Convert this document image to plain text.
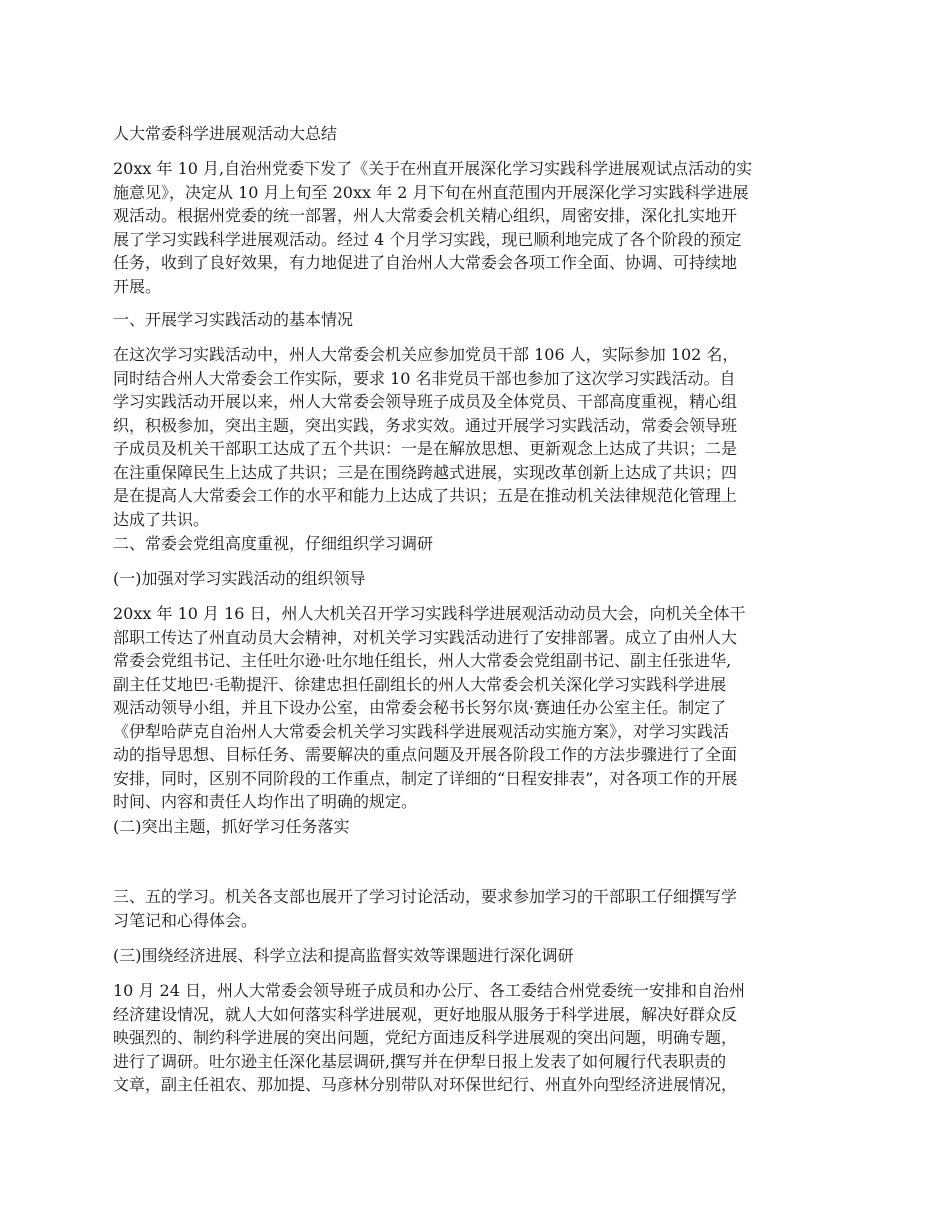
人大常委科学进展观活动大总结

20xx 年 10 月,自治州党委下发了《关于在州直开展深化学习实践科学进展观试点活动的实
施意见》，决定从 10 月上旬至 20xx 年 2 月下旬在州直范围内开展深化学习实践科学进展
观活动。根据州党委的统一部署，州人大常委会机关精心组织，周密安排，深化扎实地开
展了学习实践科学进展观活动。经过 4 个月学习实践，现已顺利地完成了各个阶段的预定
任务，收到了良好效果，有力地促进了自治州人大常委会各项工作全面、协调、可持续地
开展。

一、开展学习实践活动的基本情况

在这次学习实践活动中，州人大常委会机关应参加党员干部 106 人，实际参加 102 名，
同时结合州人大常委会工作实际，要求 10 名非党员干部也参加了这次学习实践活动。自
学习实践活动开展以来，州人大常委会领导班子成员及全体党员、干部高度重视，精心组
织，积极参加，突出主题，突出实践，务求实效。通过开展学习实践活动，常委会领导班
子成员及机关干部职工达成了五个共识：一是在解放思想、更新观念上达成了共识；二是
在注重保障民生上达成了共识；三是在围绕跨越式进展，实现改革创新上达成了共识；四
是在提高人大常委会工作的水平和能力上达成了共识；五是在推动机关法律规范化管理上
达成了共识。

二、常委会党组高度重视，仔细组织学习调研

(一)加强对学习实践活动的组织领导

20xx 年 10 月 16 日，州人大机关召开学习实践科学进展观活动动员大会，向机关全体干
部职工传达了州直动员大会精神，对机关学习实践活动进行了安排部署。成立了由州人大
常委会党组书记、主任吐尔逊·吐尔地任组长，州人大常委会党组副书记、副主任张进华,
副主任艾地巴·毛勒提汗、徐建忠担任副组长的州人大常委会机关深化学习实践科学进展
观活动领导小组，并且下设办公室，由常委会秘书长努尔岚·赛迪任办公室主任。制定了
《伊犁哈萨克自治州人大常委会机关学习实践科学进展观活动实施方案》，对学习实践活
动的指导思想、目标任务、需要解决的重点问题及开展各阶段工作的方法步骤进行了全面
安排，同时，区别不同阶段的工作重点，制定了详细的“日程安排表”，对各项工作的开展
时间、内容和责任人均作出了明确的规定。

(二)突出主题，抓好学习任务落实

三、五的学习。机关各支部也展开了学习讨论活动，要求参加学习的干部职工仔细撰写学
习笔记和心得体会。

(三)围绕经济进展、科学立法和提高监督实效等课题进行深化调研

10 月 24 日，州人大常委会领导班子成员和办公厅、各工委结合州党委统一安排和自治州
经济建设情况，就人大如何落实科学进展观，更好地服从服务于科学进展，解决好群众反
映强烈的、制约科学进展的突出问题，党纪方面违反科学进展观的突出问题，明确专题，
进行了调研。吐尔逊主任深化基层调研,撰写并在伊犁日报上发表了如何履行代表职责的
文章，副主任祖农、那加提、马彦林分别带队对环保世纪行、州直外向型经济进展情况，
